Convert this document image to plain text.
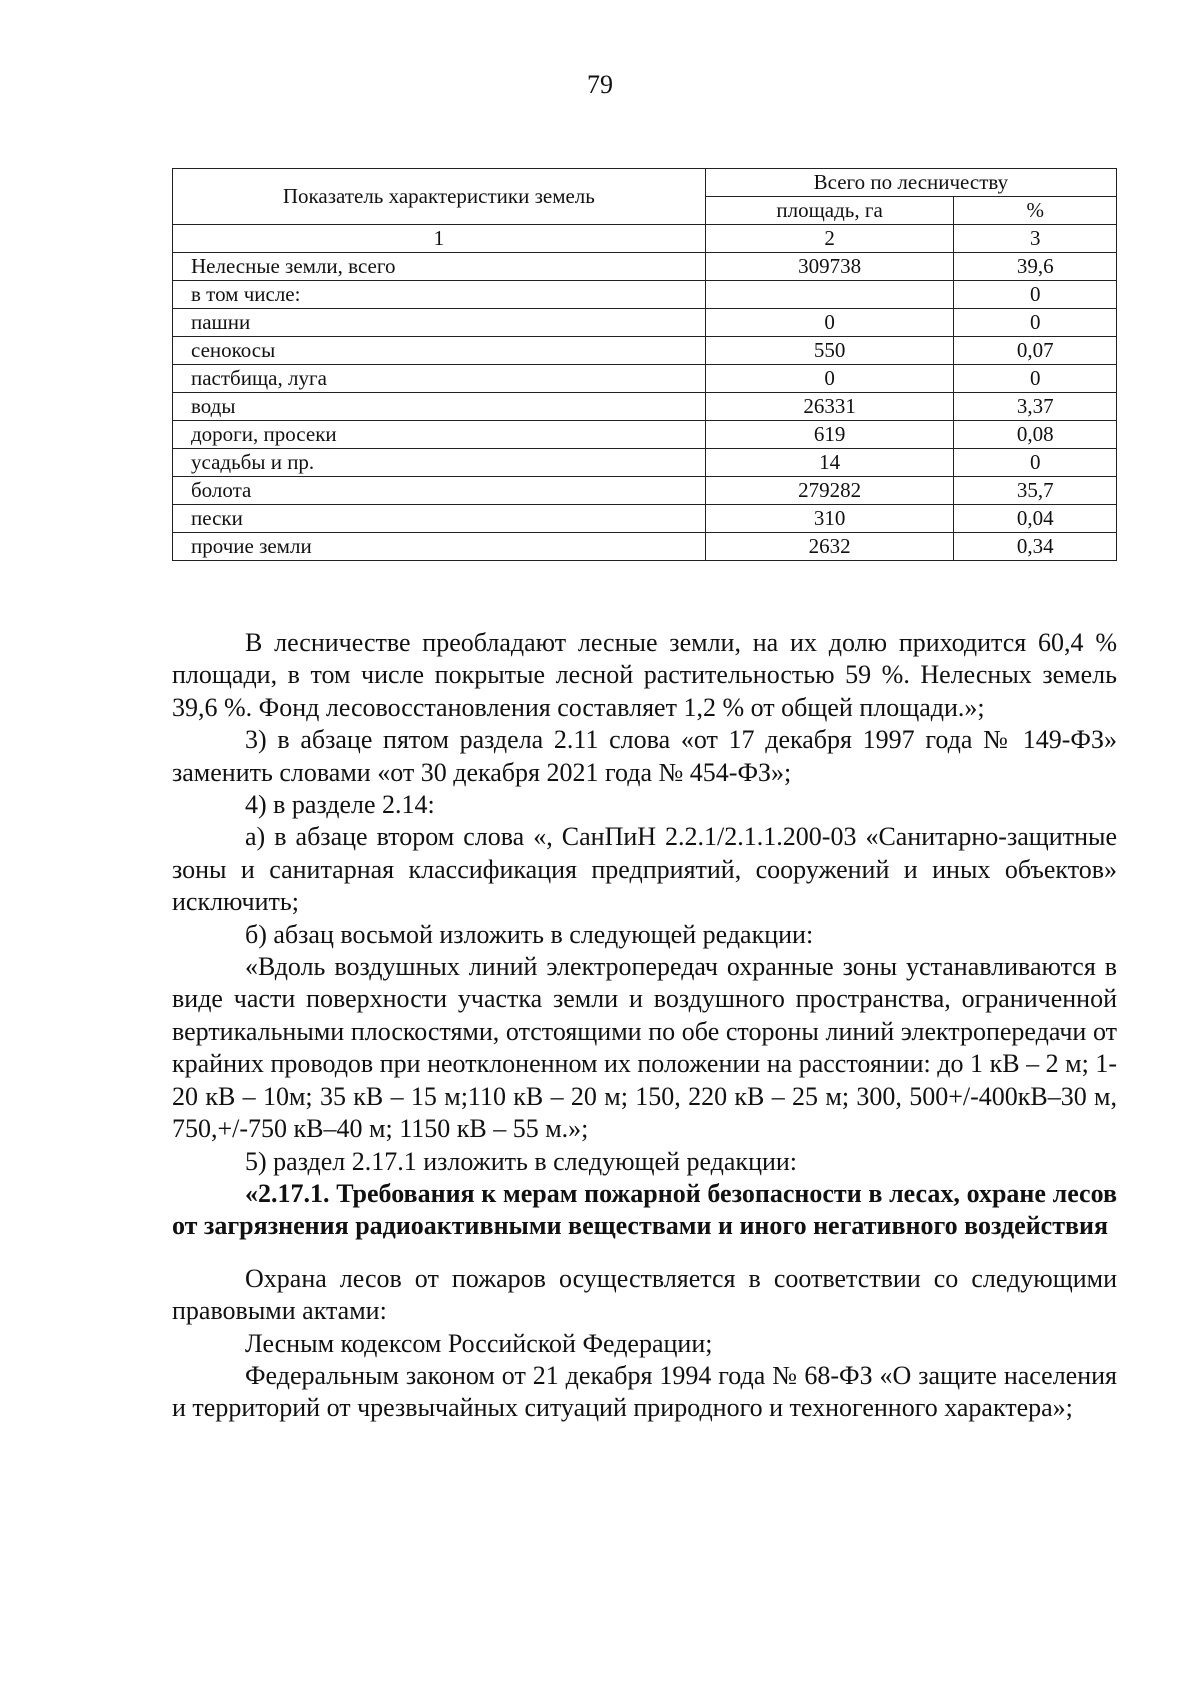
79
Показатель характеристики земель	Всего по лесничеству	
	площадь, га	%
1	2	3
Нелесные земли, всего	309738	39,6
в том числе:		0
пашни	0	0
сенокосы	550	0,07
пастбища, луга	0	0
воды	26331	3,37
дороги, просеки	619	0,08
усадьбы и пр.	14	0
болота	279282	35,7
пески	310	0,04
прочие земли	2632	0,34

В лесничестве преобладают лесные земли, на их долю приходится 60,4 % площади, в том числе покрытые лесной растительностью 59 %. Нелесных земель 39,6 %. Фонд лесовосстановления составляет 1,2 % от общей площади.»;

3) в абзаце пятом раздела 2.11 слова «от 17 декабря 1997 года № 149-ФЗ» заменить словами «от 30 декабря 2021 года № 454-ФЗ»;

4) в разделе 2.14:

а) в абзаце втором слова «, СанПиН 2.2.1/2.1.1.200-03 «Санитарно-защитные зоны и санитарная классификация предприятий, сооружений и иных объектов» исключить;

б) абзац восьмой изложить в следующей редакции:

«Вдоль воздушных линий электропередач охранные зоны устанавливаются в виде части поверхности участка земли и воздушного пространства, ограниченной вертикальными плоскостями, отстоящими по обе стороны линий электропередачи от крайних проводов при неотклоненном их положении на расстоянии: до 1 кВ – 2 м; 1-20 кВ – 10м; 35 кВ – 15 м;110 кВ – 20 м; 150, 220 кВ – 25 м; 300, 500+/-400кВ–30 м, 750,+/-750 кВ–40 м; 1150 кВ – 55 м.»;

5) раздел 2.17.1 изложить в следующей редакции:

«2.17.1. Требования к мерам пожарной безопасности в лесах, охране лесов от загрязнения радиоактивными веществами и иного негативного воздействия

Охрана лесов от пожаров осуществляется в соответствии со следующими правовыми актами:

Лесным кодексом Российской Федерации;

Федеральным законом от 21 декабря 1994 года № 68-ФЗ «О защите населения и территорий от чрезвычайных ситуаций природного и техногенного характера»;
